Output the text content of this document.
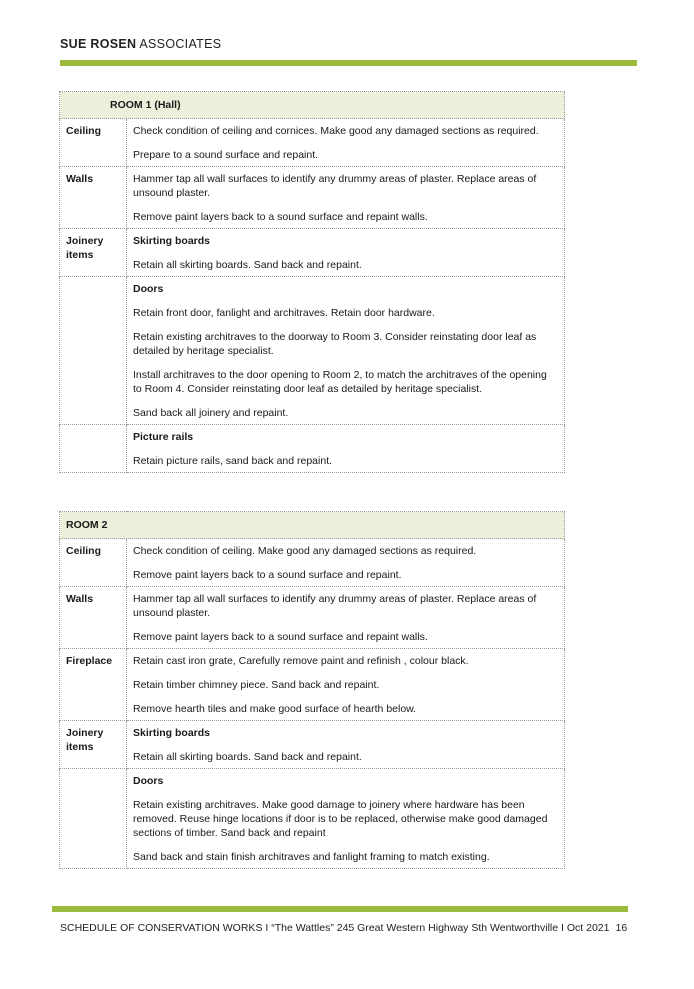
SUE ROSEN ASSOCIATES
ROOM 1 (Hall)	
Ceiling	Check condition of ceiling and cornices. Make good any damaged sections as required.

Prepare to a sound surface and repaint.

Walls	Hammer tap all wall surfaces to identify any drummy areas of plaster. Replace areas of unsound plaster.

Remove paint layers back to a sound surface and repaint walls.

Joinery items	Skirting boards

Retain all skirting boards. Sand back and repaint.

	Doors

Retain front door, fanlight and architraves. Retain door hardware.

Retain existing architraves to the doorway to Room 3. Consider reinstating door leaf as detailed by heritage specialist.

Install architraves to the door opening to Room 2, to match the architraves of the opening to Room 4. Consider reinstating door leaf as detailed by heritage specialist.

Sand back all joinery and repaint.

	Picture rails

Retain picture rails, sand back and repaint.

ROOM 2	
Ceiling	Check condition of ceiling. Make good any damaged sections as required.

Remove paint layers back to a sound surface and repaint.

Walls	Hammer tap all wall surfaces to identify any drummy areas of plaster. Replace areas of unsound plaster.

Remove paint layers back to a sound surface and repaint walls.

Fireplace	Retain cast iron grate, Carefully remove paint and refinish , colour black.

Retain timber chimney piece. Sand back and repaint.

Remove hearth tiles and make good surface of hearth below.

Joinery items	Skirting boards

Retain all skirting boards. Sand back and repaint.

	Doors

Retain existing architraves. Make good damage to joinery where hardware has been removed. Reuse hinge locations if door is to be replaced, otherwise make good damaged sections of timber. Sand back and repaint

Sand back and stain finish architraves and fanlight framing to match existing.

SCHEDULE OF CONSERVATION WORKS I “The Wattles” 245 Great Western Highway Sth Wentworthville I Oct 2021 16
